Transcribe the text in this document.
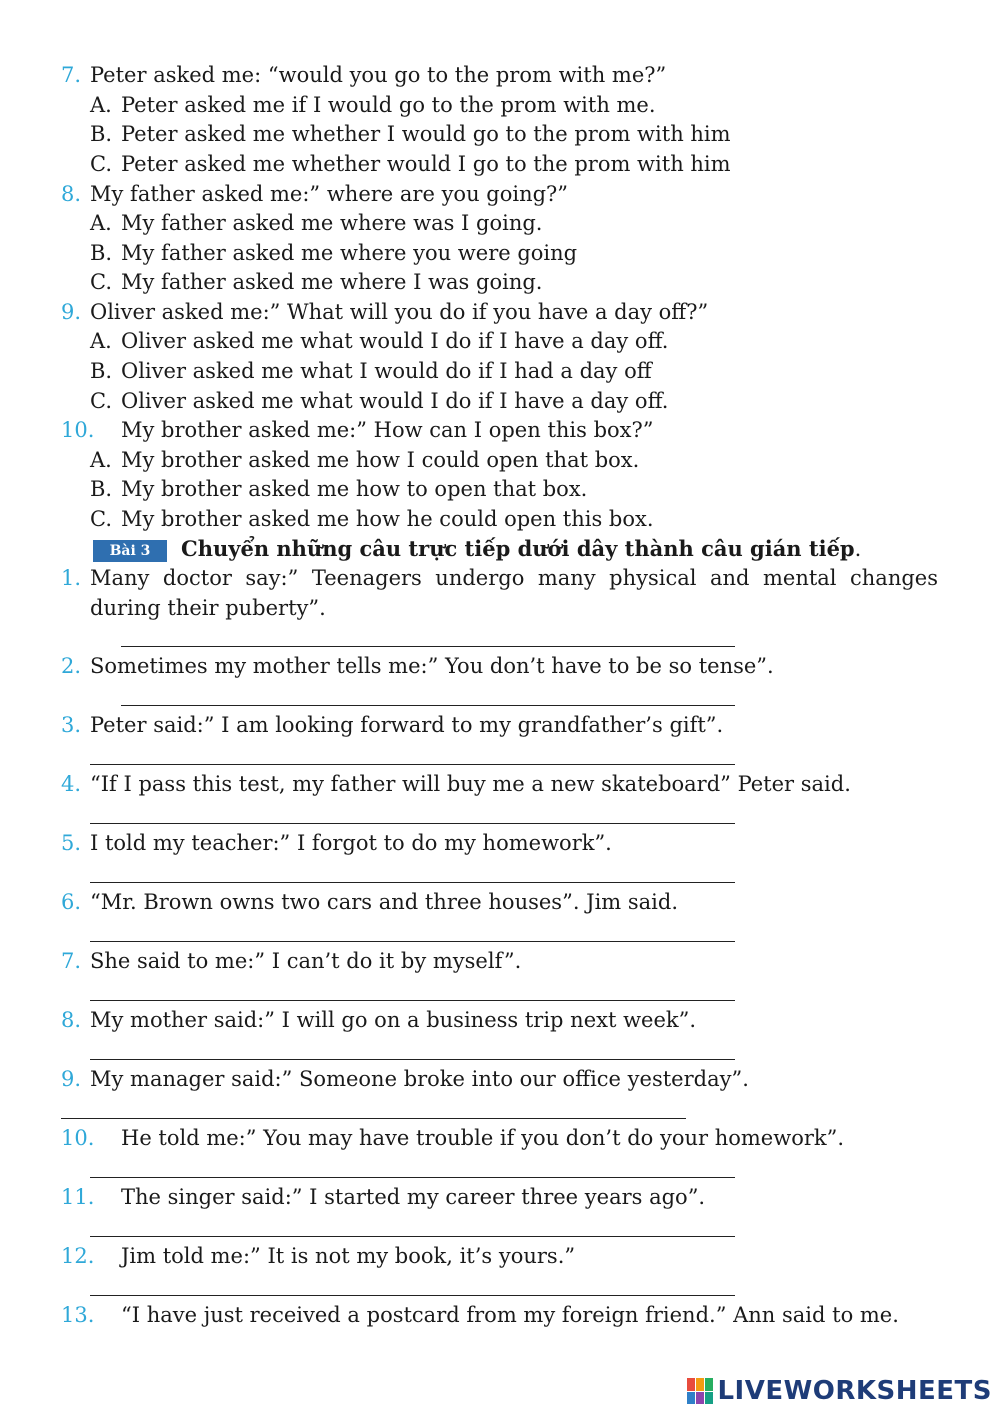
7. Peter asked me: “would you go to the prom with me?”
A. Peter asked me if I would go to the prom with me.
B. Peter asked me whether I would go to the prom with him
C. Peter asked me whether would I go to the prom with him
8. My father asked me:” where are you going?”
A. My father asked me where was I going.
B. My father asked me where you were going
C. My father asked me where I was going.
9. Oliver asked me:” What will you do if you have a day off?”
A. Oliver asked me what would I do if I have a day off.
B. Oliver asked me what I would do if I had a day off
C. Oliver asked me what would I do if I have a day off.
10. My brother asked me:” How can I open this box?”
A. My brother asked me how I could open that box.
B. My brother asked me how to open that box.
C. My brother asked me how he could open this box.
Bài 3	Chuyển những câu trực tiếp dưới dây thành câu gián tiếp.
1. Many doctor say:” Teenagers undergo many physical and mental changes
during their puberty”.
2. Sometimes my mother tells me:” You don’t have to be so tense”.
3. Peter said:” I am looking forward to my grandfather’s gift”.
4. “If I pass this test, my father will buy me a new skateboard” Peter said.
5. I told my teacher:” I forgot to do my homework”.
6. “Mr. Brown owns two cars and three houses”. Jim said.
7. She said to me:” I can’t do it by myself”.
8. My mother said:” I will go on a business trip next week”.
9. My manager said:” Someone broke into our office yesterday”.
10. He told me:” You may have trouble if you don’t do your homework”.
11. The singer said:” I started my career three years ago”.
12. Jim told me:” It is not my book, it’s yours.”
13. “I have just received a postcard from my foreign friend.” Ann said to me.
LIVEWORKSHEETS
